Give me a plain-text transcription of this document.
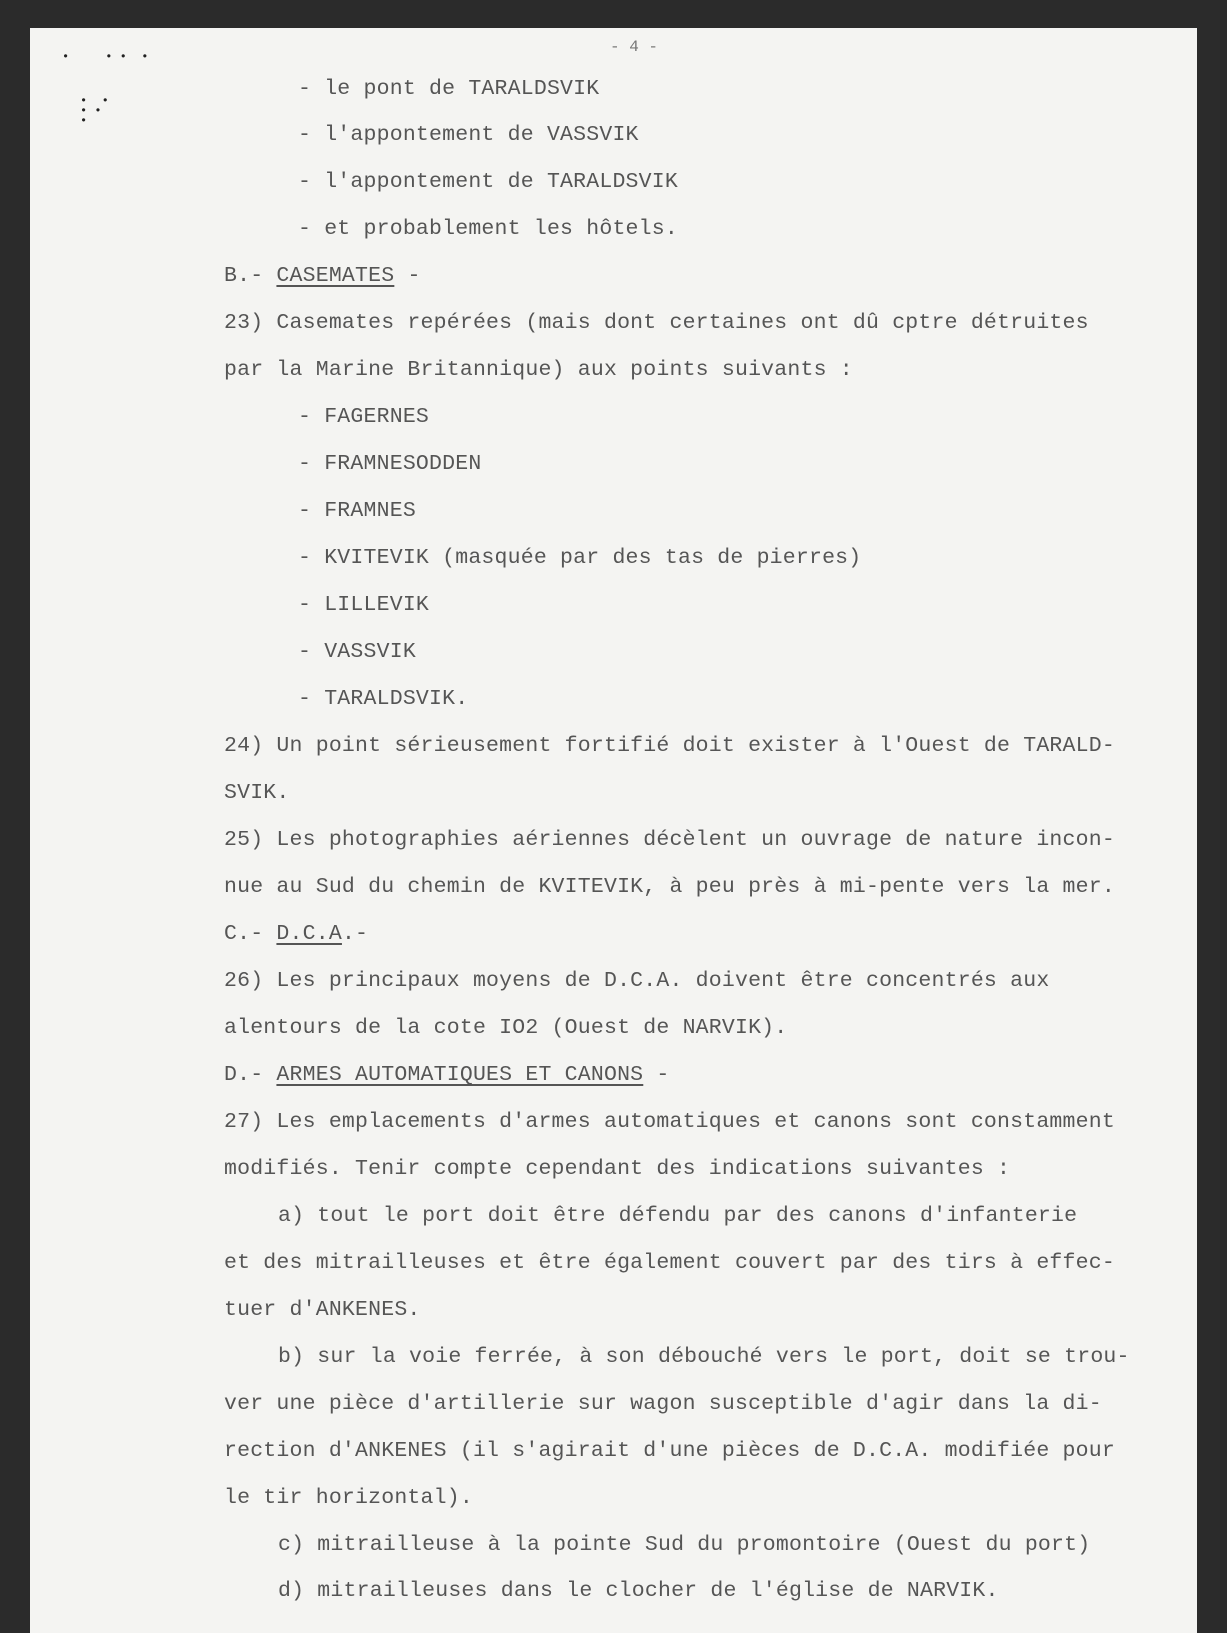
- 4 -
•     • •  •
•  •
• •
•
- le pont de TARALDSVIK
- l'appontement de VASSVIK
- l'appontement de TARALDSVIK
- et probablement les hôtels.
B.- CASEMATES -
23) Casemates repérées (mais dont certaines ont dû cptre détruites
par la Marine Britannique) aux points suivants :
- FAGERNES
- FRAMNESODDEN
- FRAMNES
- KVITEVIK (masquée par des tas de pierres)
- LILLEVIK
- VASSVIK
- TARALDSVIK.
24) Un point sérieusement fortifié doit exister à l'Ouest de TARALD-
SVIK.
25) Les photographies aériennes décèlent un ouvrage de nature incon-
nue au Sud du chemin de KVITEVIK, à peu près à mi-pente vers la mer.
C.- D.C.A.-
26) Les principaux moyens de D.C.A. doivent être concentrés aux
alentours de la cote IO2 (Ouest de NARVIK).
D.- ARMES AUTOMATIQUES ET CANONS -
27) Les emplacements d'armes automatiques et canons sont constamment
modifiés. Tenir compte cependant des indications suivantes :
a) tout le port doit être défendu par des canons d'infanterie
et des mitrailleuses et être également couvert par des tirs à effec-
tuer d'ANKENES.
b) sur la voie ferrée, à son débouché vers le port, doit se trou-
ver une pièce d'artillerie sur wagon susceptible d'agir dans la di-
rection d'ANKENES (il s'agirait d'une pièces de D.C.A. modifiée pour
le tir horizontal).
c) mitrailleuse à la pointe Sud du promontoire (Ouest du port)
d) mitrailleuses dans le clocher de l'église de NARVIK.
